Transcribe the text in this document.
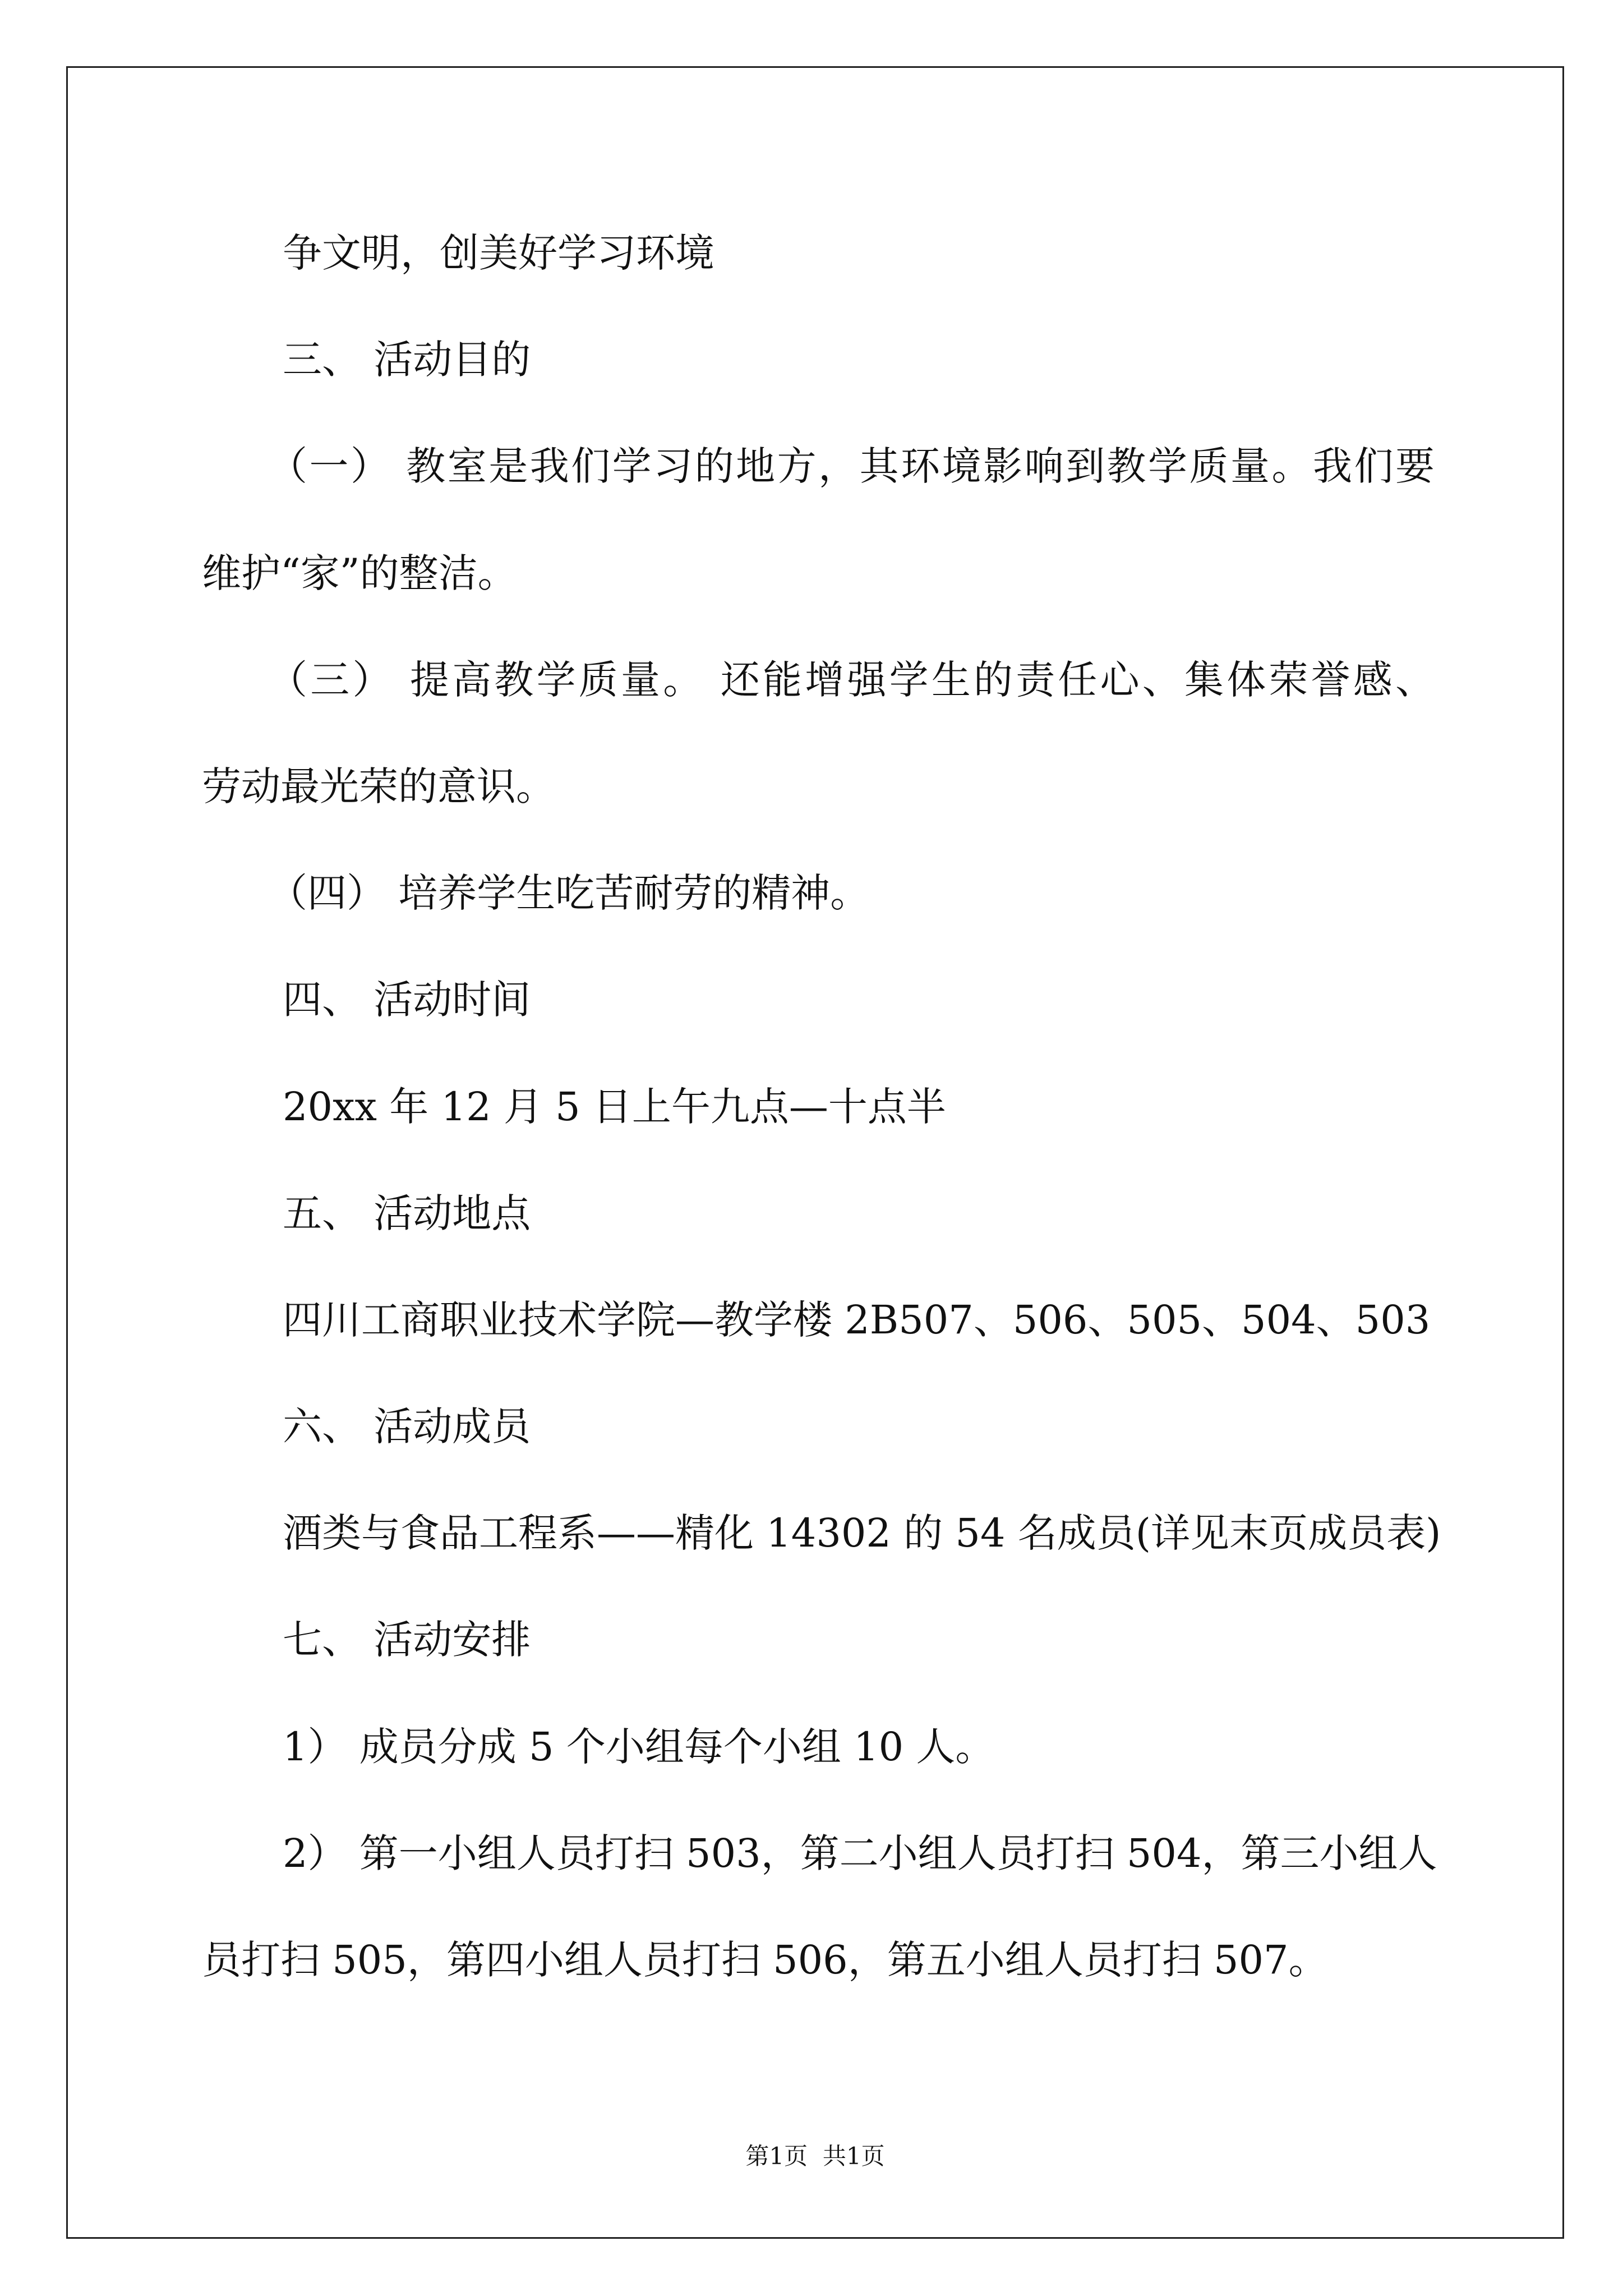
争文明，创美好学习环境
三、 活动目的
（一） 教室是我们学习的地方，其环境影响到教学质量。我们要
维护“家”的整洁。
（三） 提高教学质量。 还能增强学生的责任心、集体荣誉感、
劳动最光荣的意识。
（四） 培养学生吃苦耐劳的精神。
四、 活动时间
20xx 年 12 月 5 日上午九点—十点半
五、 活动地点
四川工商职业技术学院—教学楼 2B507、506、505、504、503
六、 活动成员
酒类与食品工程系——精化 14302 的 54 名成员(详见末页成员表)
七、 活动安排
1） 成员分成 5 个小组每个小组 10 人。
2） 第一小组人员打扫 503，第二小组人员打扫 504，第三小组人
员打扫 505，第四小组人员打扫 506，第五小组人员打扫 507。
第1页  共1页
